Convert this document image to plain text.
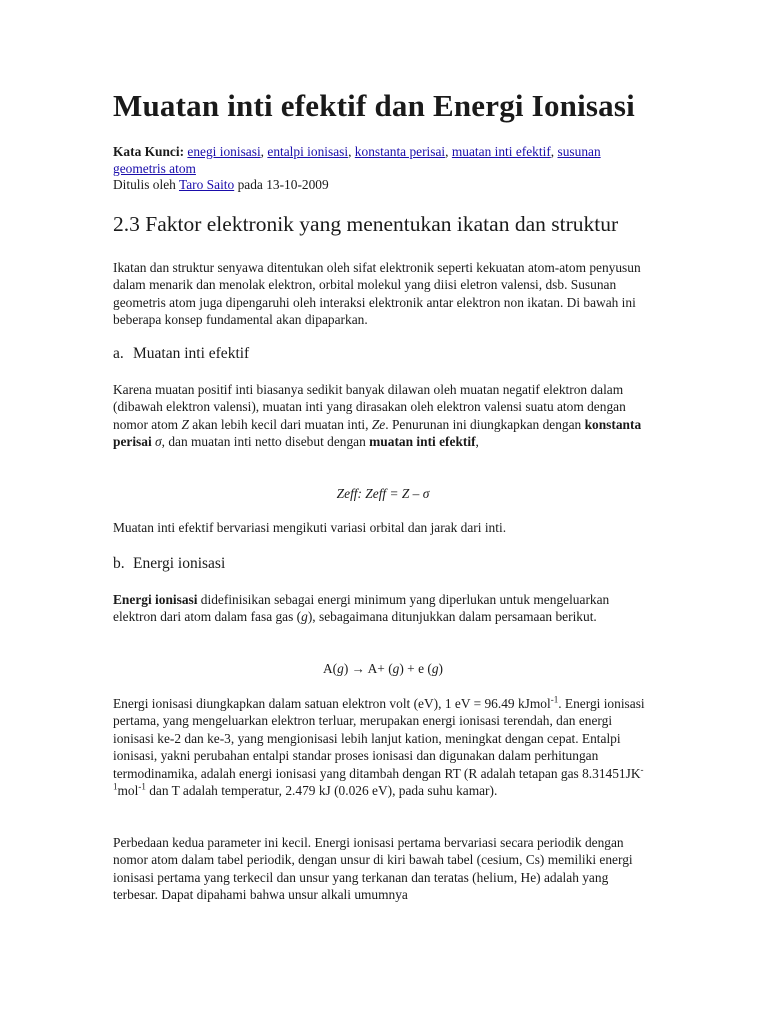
Muatan inti efektif dan Energi Ionisasi
Kata Kunci: enegi ionisasi, entalpi ionisasi, konstanta perisai, muatan inti efektif, susunan geometris atom
Ditulis oleh Taro Saito pada 13-10-2009
2.3 Faktor elektronik yang menentukan ikatan dan struktur

Ikatan dan struktur senyawa ditentukan oleh sifat elektronik seperti kekuatan atom-atom penyusun dalam menarik dan menolak elektron, orbital molekul yang diisi eletron valensi, dsb. Susunan geometris atom juga dipengaruhi oleh interaksi elektronik antar elektron non ikatan. Di bawah ini beberapa konsep fundamental akan dipaparkan.

a. Muatan inti efektif

Karena muatan positif inti biasanya sedikit banyak dilawan oleh muatan negatif elektron dalam (dibawah elektron valensi), muatan inti yang dirasakan oleh elektron valensi suatu atom dengan nomor atom Z akan lebih kecil dari muatan inti, Ze. Penurunan ini diungkapkan dengan konstanta perisai σ, dan muatan inti netto disebut dengan muatan inti efektif,

Zeff: Zeff = Z – σ

Muatan inti efektif bervariasi mengikuti variasi orbital dan jarak dari inti.

b. Energi ionisasi

Energi ionisasi didefinisikan sebagai energi minimum yang diperlukan untuk mengeluarkan elektron dari atom dalam fasa gas (g), sebagaimana ditunjukkan dalam persamaan berikut.

A(g) → A+ (g) + e (g)

Energi ionisasi diungkapkan dalam satuan elektron volt (eV), 1 eV = 96.49 kJmol$^{-1}$. Energi ionisasi pertama, yang mengeluarkan elektron terluar, merupakan energi ionisasi terendah, dan energi ionisasi ke-2 dan ke-3, yang mengionisasi lebih lanjut kation, meningkat dengan cepat. Entalpi ionisasi, yakni perubahan entalpi standar proses ionisasi dan digunakan dalam perhitungan termodinamika, adalah energi ionisasi yang ditambah dengan RT (R adalah tetapan gas $8.31451JK^{-1}mol^{-1}$ dan T adalah temperatur, 2.479 kJ (0.026 eV), pada suhu kamar).

Perbedaan kedua parameter ini kecil. Energi ionisasi pertama bervariasi secara periodik dengan nomor atom dalam tabel periodik, dengan unsur di kiri bawah tabel (cesium, Cs) memiliki energi ionisasi pertama yang terkecil dan unsur yang terkanan dan teratas (helium, He) adalah yang terbesar. Dapat dipahami bahwa unsur alkali umumnya
